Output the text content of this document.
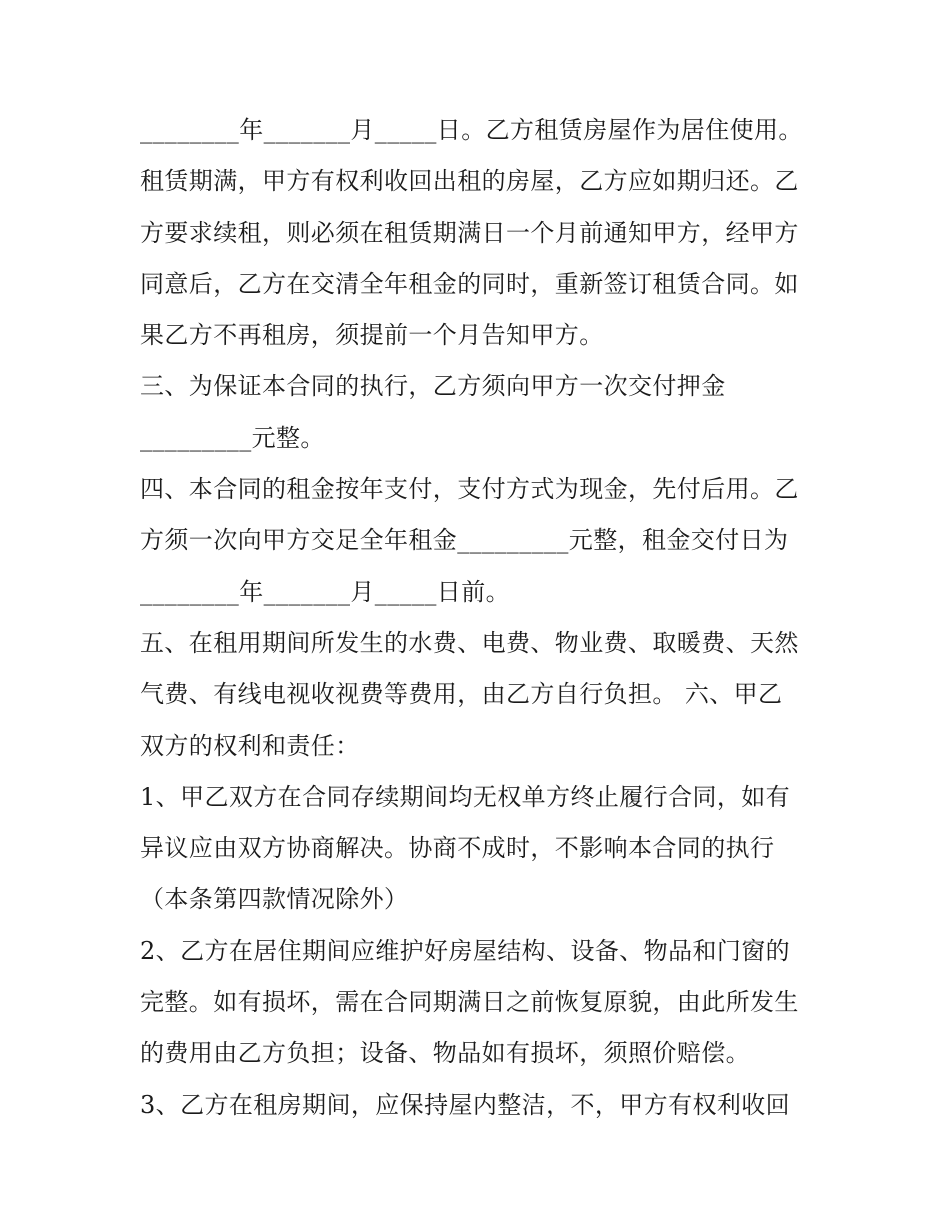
________年_______月_____日。乙方租赁房屋作为居住使用。
租赁期满，甲方有权利收回出租的房屋，乙方应如期归还。乙
方要求续租，则必须在租赁期满日一个月前通知甲方，经甲方
同意后，乙方在交清全年租金的同时，重新签订租赁合同。如
果乙方不再租房，须提前一个月告知甲方。
三、为保证本合同的执行，乙方须向甲方一次交付押金
_________元整。
四、本合同的租金按年支付，支付方式为现金，先付后用。乙
方须一次向甲方交足全年租金_________元整，租金交付日为
________年_______月_____日前。
五、在租用期间所发生的水费、电费、物业费、取暖费、天然
气费、有线电视收视费等费用，由乙方自行负担。 六、甲乙
双方的权利和责任：
1、甲乙双方在合同存续期间均无权单方终止履行合同，如有
异议应由双方协商解决。协商不成时，不影响本合同的执行
（本条第四款情况除外）
2、乙方在居住期间应维护好房屋结构、设备、物品和门窗的
完整。如有损坏，需在合同期满日之前恢复原貌，由此所发生
的费用由乙方负担；设备、物品如有损坏，须照价赔偿。
3、乙方在租房期间，应保持屋内整洁，不，甲方有权利收回
